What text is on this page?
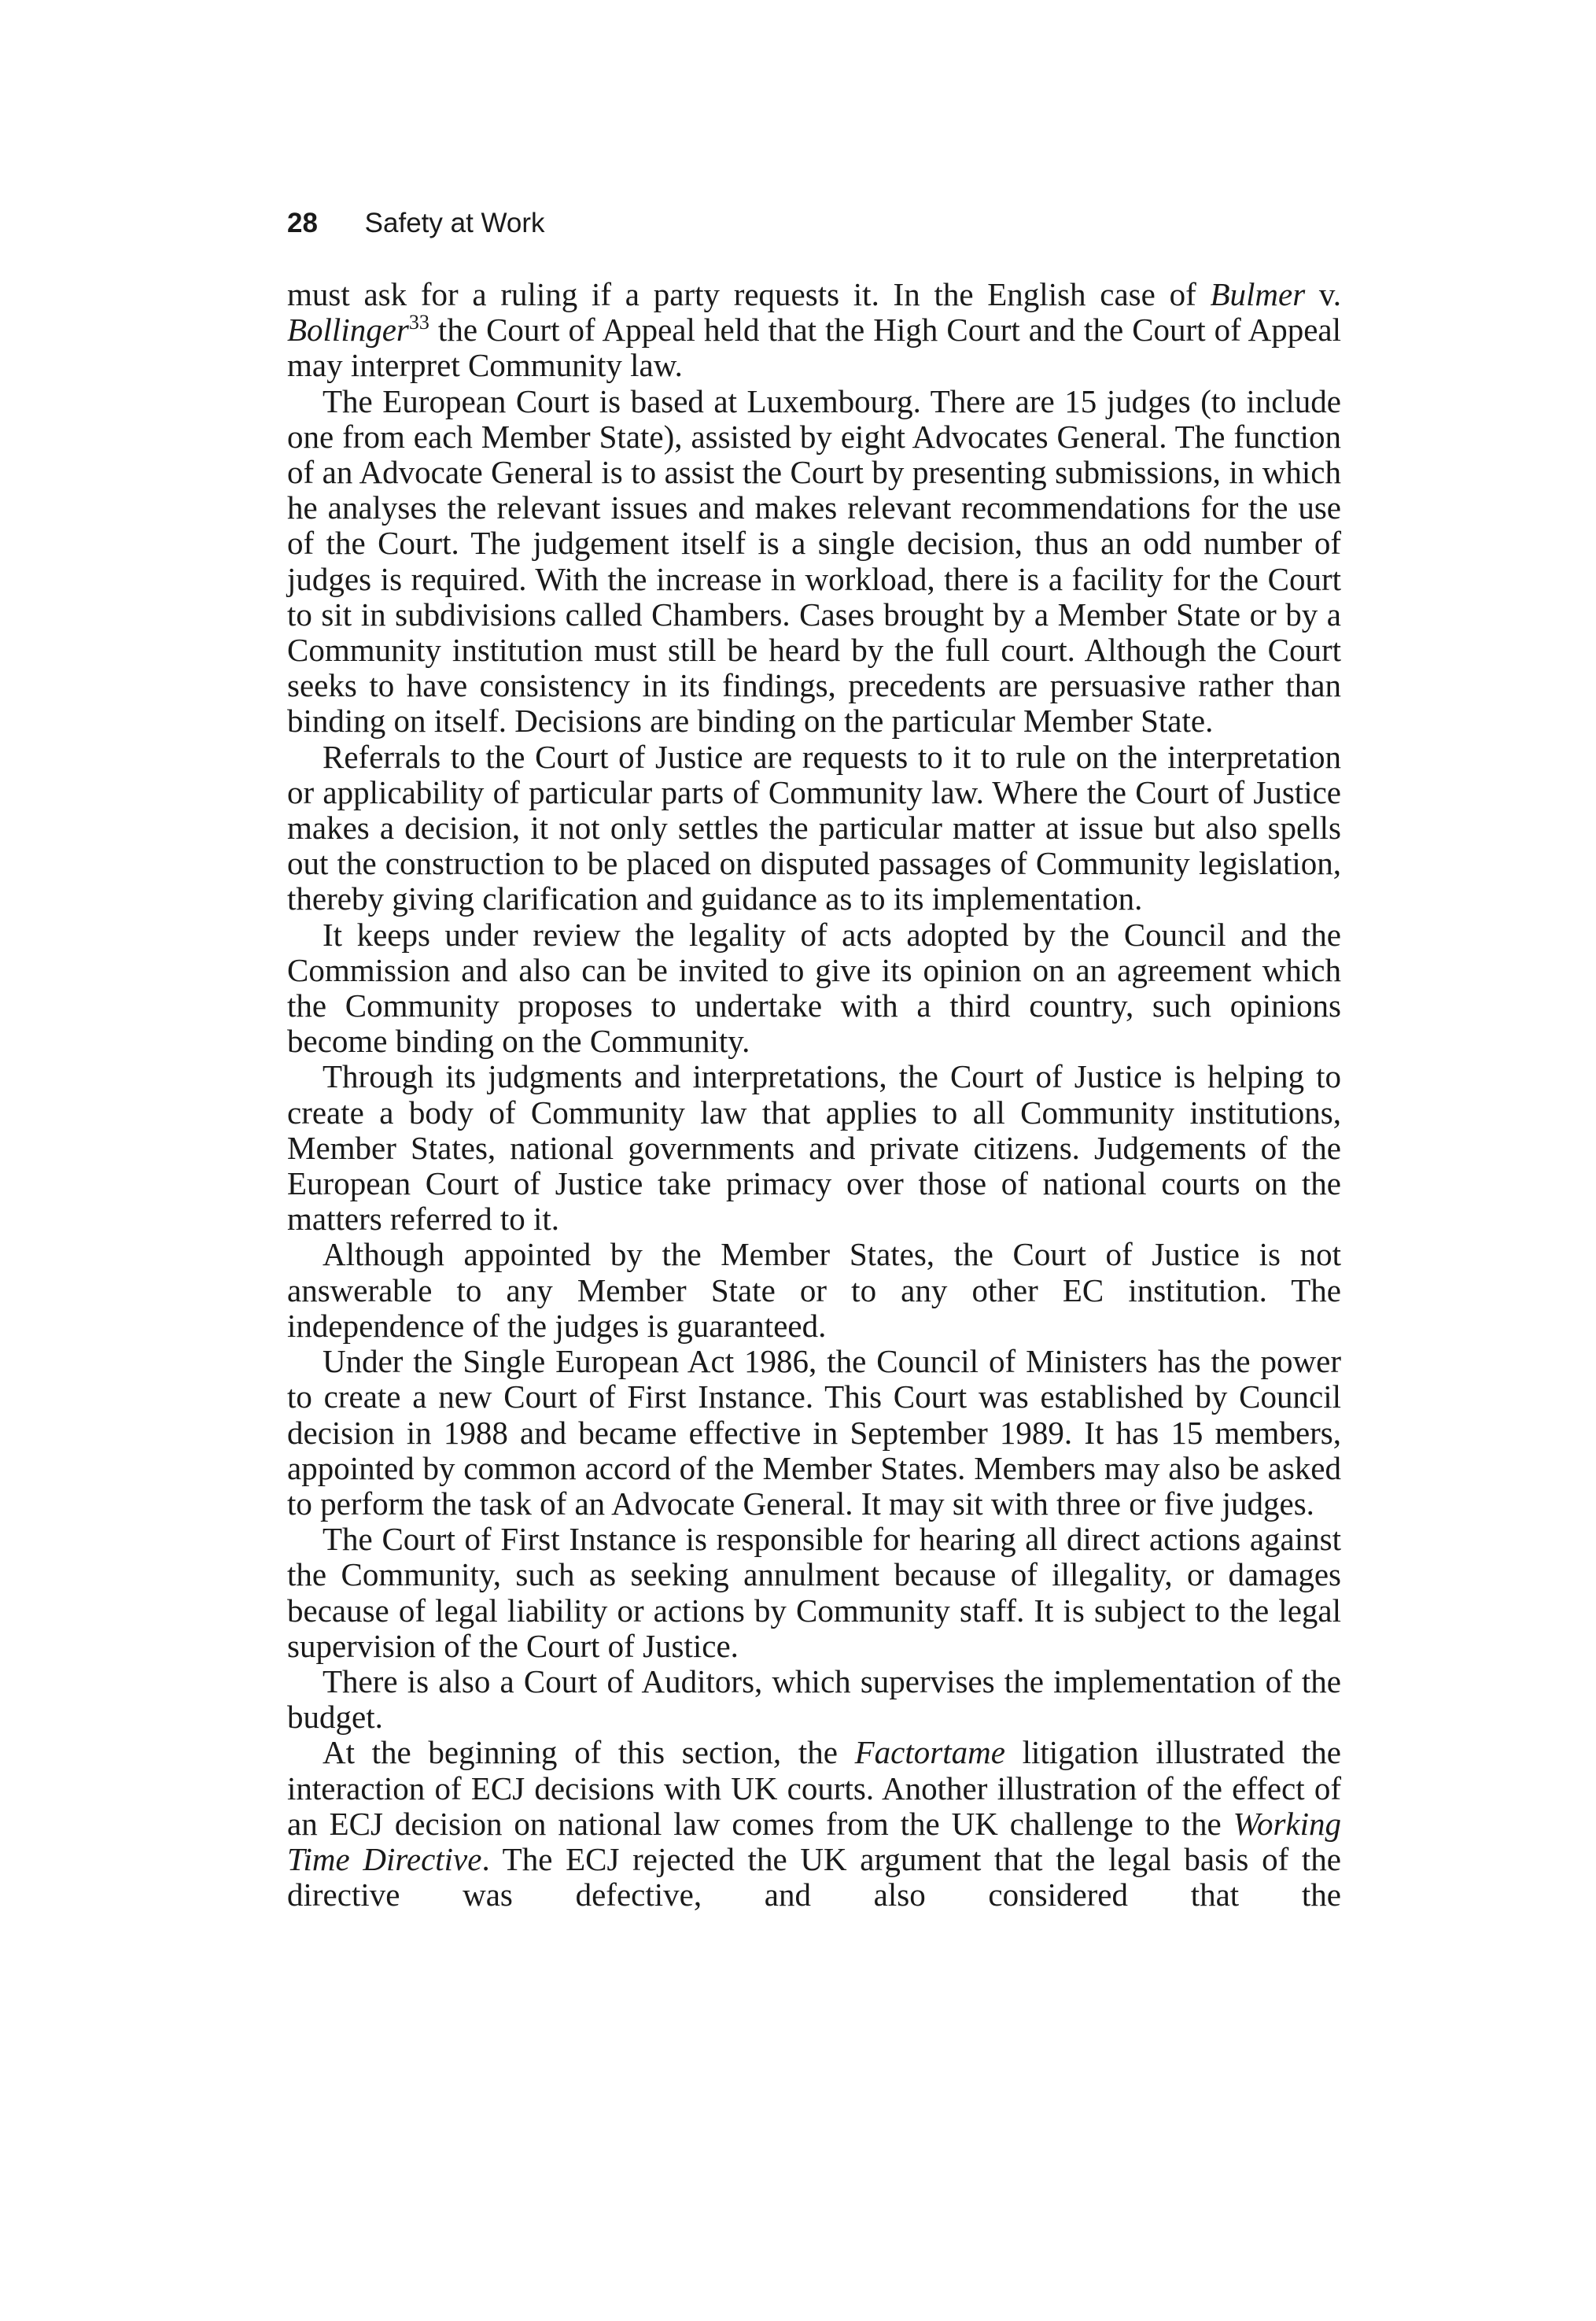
28 Safety at Work

must ask for a ruling if a party requests it. In the English case of Bulmer v. Bollinger$^{33}$ the Court of Appeal held that the High Court and the Court of Appeal may interpret Community law.

The European Court is based at Luxembourg. There are 15 judges (to include one from each Member State), assisted by eight Advocates General. The function of an Advocate General is to assist the Court by presenting submissions, in which he analyses the relevant issues and makes relevant recommendations for the use of the Court. The judgement itself is a single decision, thus an odd number of judges is required. With the increase in workload, there is a facility for the Court to sit in subdivisions called Chambers. Cases brought by a Member State or by a Community institution must still be heard by the full court. Although the Court seeks to have consistency in its findings, precedents are persuasive rather than binding on itself. Decisions are binding on the particular Member State.

Referrals to the Court of Justice are requests to it to rule on the interpretation or applicability of particular parts of Community law. Where the Court of Justice makes a decision, it not only settles the particular matter at issue but also spells out the construction to be placed on disputed passages of Community legislation, thereby giving clarification and guidance as to its implementation.

It keeps under review the legality of acts adopted by the Council and the Commission and also can be invited to give its opinion on an agreement which the Community proposes to undertake with a third country, such opinions become binding on the Community.

Through its judgments and interpretations, the Court of Justice is helping to create a body of Community law that applies to all Community institutions, Member States, national governments and private citizens. Judgements of the European Court of Justice take primacy over those of national courts on the matters referred to it.

Although appointed by the Member States, the Court of Justice is not answerable to any Member State or to any other EC institution. The independence of the judges is guaranteed.

Under the Single European Act 1986, the Council of Ministers has the power to create a new Court of First Instance. This Court was established by Council decision in 1988 and became effective in September 1989. It has 15 members, appointed by common accord of the Member States. Members may also be asked to perform the task of an Advocate General. It may sit with three or five judges.

The Court of First Instance is responsible for hearing all direct actions against the Community, such as seeking annulment because of illegality, or damages because of legal liability or actions by Community staff. It is subject to the legal supervision of the Court of Justice.

There is also a Court of Auditors, which supervises the implementation of the budget.

At the beginning of this section, the Factortame litigation illustrated the interaction of ECJ decisions with UK courts. Another illustration of the effect of an ECJ decision on national law comes from the UK challenge to the Working Time Directive. The ECJ rejected the UK argument that the legal basis of the directive was defective, and also considered that the
